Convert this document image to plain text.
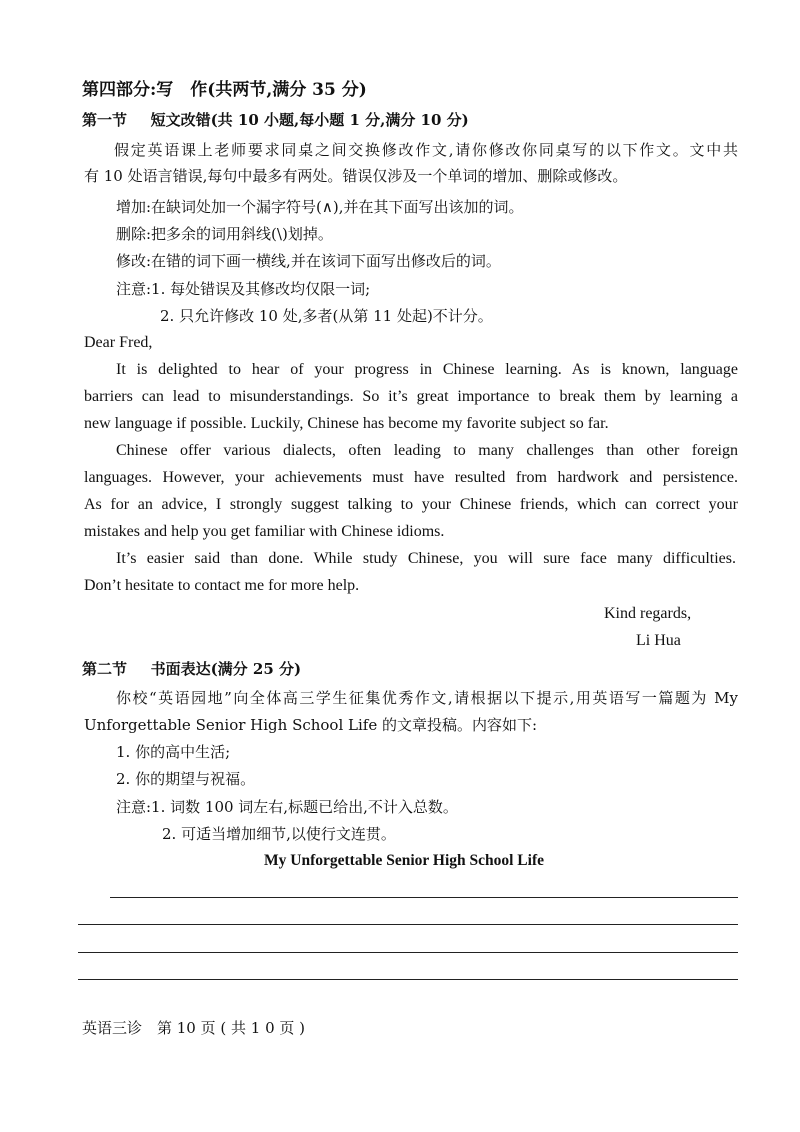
第四部分:写　作(共两节,满分 35 分)
第一节 短文改错(共 10 小题,每小题 1 分,满分 10 分)
假定英语课上老师要求同桌之间交换修改作文,请你修改你同桌写的以下作文。文中共
有 10 处语言错误,每句中最多有两处。错误仅涉及一个单词的增加、删除或修改。
增加:在缺词处加一个漏字符号(∧),并在其下面写出该加的词。
删除:把多余的词用斜线(\)划掉。
修改:在错的词下画一横线,并在该词下面写出修改后的词。
注意:1. 每处错误及其修改均仅限一词;
2. 只允许修改 10 处,多者(从第 11 处起)不计分。
Dear Fred,
It is delighted to hear of your progress in Chinese learning. As is known, language
barriers can lead to misunderstandings. So it’s great importance to break them by learning a
new language if possible. Luckily, Chinese has become my favorite subject so far.
Chinese offer various dialects, often leading to many challenges than other foreign
languages. However, your achievements must have resulted from hardwork and persistence.
As for an advice, I strongly suggest talking to your Chinese friends, which can correct your
mistakes and help you get familiar with Chinese idioms.
It’s easier said than done. While study Chinese, you will sure face many difficulties.
Don’t hesitate to contact me for more help.
Kind regards,
Li Hua
第二节 书面表达(满分 25 分)
你校“英语园地”向全体高三学生征集优秀作文,请根据以下提示,用英语写一篇题为 My
Unforgettable Senior High School Life 的文章投稿。内容如下:
1. 你的高中生活;
2. 你的期望与祝福。
注意:1. 词数 100 词左右,标题已给出,不计入总数。
2. 可适当增加细节,以使行文连贯。
My Unforgettable Senior High School Life
英语三诊　第 10 页 ( 共 1 0 页 )
